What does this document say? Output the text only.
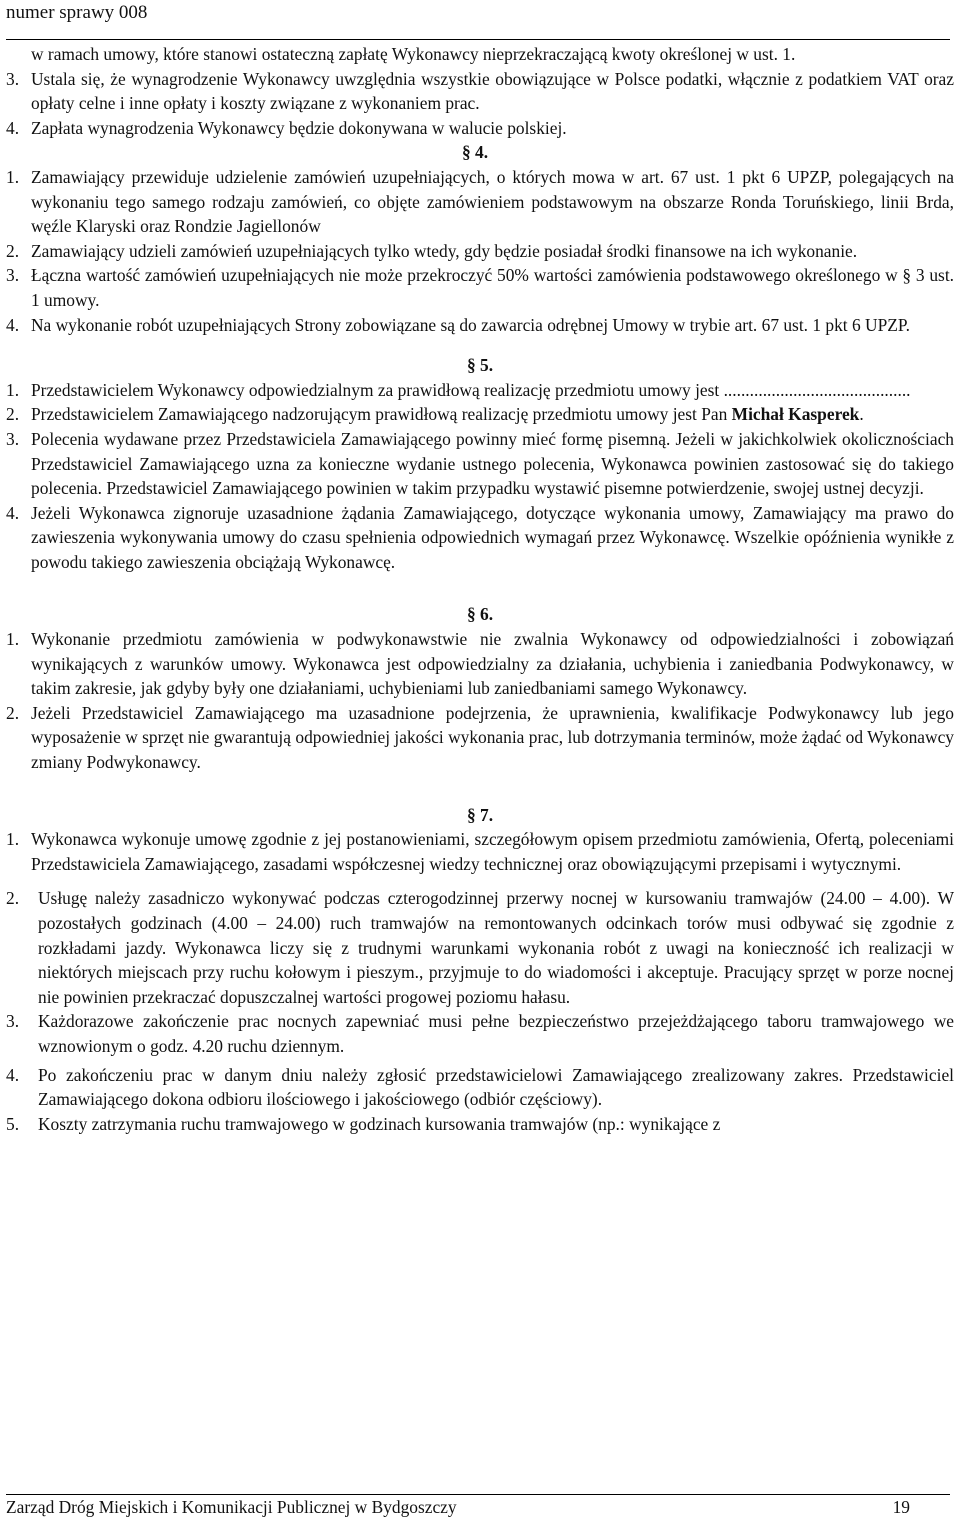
numer sprawy 008
w ramach umowy, które stanowi ostateczną zapłatę Wykonawcy nieprzekraczającą kwoty określonej w ust. 1.
3. Ustala się, że wynagrodzenie Wykonawcy uwzględnia wszystkie obowiązujące w Polsce podatki, włącznie z podatkiem VAT oraz opłaty celne i inne opłaty i koszty związane z wykonaniem prac.
4. Zapłata wynagrodzenia Wykonawcy będzie dokonywana w walucie polskiej.
§ 4.
1. Zamawiający przewiduje udzielenie zamówień uzupełniających, o których mowa w art. 67 ust. 1 pkt 6 UPZP, polegających na wykonaniu tego samego rodzaju zamówień, co objęte zamówieniem podstawowym na obszarze Ronda Toruńskiego, linii Brda, węźle Klaryski oraz Rondzie Jagiellonów
2. Zamawiający udzieli zamówień uzupełniających tylko wtedy, gdy będzie posiadał środki finansowe na ich wykonanie.
3. Łączna wartość zamówień uzupełniających nie może przekroczyć 50% wartości zamówienia podstawowego określonego w § 3 ust. 1 umowy.
4. Na wykonanie robót uzupełniających Strony zobowiązane są do zawarcia odrębnej Umowy w trybie art. 67 ust. 1 pkt 6 UPZP.
§ 5.
1. Przedstawicielem Wykonawcy odpowiedzialnym za prawidłową realizację przedmiotu umowy jest ...........................................
2. Przedstawicielem Zamawiającego nadzorującym prawidłową realizację przedmiotu umowy jest Pan Michał Kasperek.
3. Polecenia wydawane przez Przedstawiciela Zamawiającego powinny mieć formę pisemną. Jeżeli w jakichkolwiek okolicznościach Przedstawiciel Zamawiającego uzna za konieczne wydanie ustnego polecenia, Wykonawca powinien zastosować się do takiego polecenia. Przedstawiciel Zamawiającego powinien w takim przypadku wystawić pisemne potwierdzenie, swojej ustnej decyzji.
4. Jeżeli Wykonawca zignoruje uzasadnione żądania Zamawiającego, dotyczące wykonania umowy, Zamawiający ma prawo do zawieszenia wykonywania umowy do czasu spełnienia odpowiednich wymagań przez Wykonawcę. Wszelkie opóźnienia wynikłe z powodu takiego zawieszenia obciążają Wykonawcę.
§ 6.
1. Wykonanie przedmiotu zamówienia w podwykonawstwie nie zwalnia Wykonawcy od odpowiedzialności i zobowiązań wynikających z warunków umowy. Wykonawca jest odpowiedzialny za działania, uchybienia i zaniedbania Podwykonawcy, w takim zakresie, jak gdyby były one działaniami, uchybieniami lub zaniedbaniami samego Wykonawcy.
2. Jeżeli Przedstawiciel Zamawiającego ma uzasadnione podejrzenia, że uprawnienia, kwalifikacje Podwykonawcy lub jego wyposażenie w sprzęt nie gwarantują odpowiedniej jakości wykonania prac, lub dotrzymania terminów, może żądać od Wykonawcy zmiany Podwykonawcy.
§ 7.
1. Wykonawca wykonuje umowę zgodnie z jej postanowieniami, szczegółowym opisem przedmiotu zamówienia, Ofertą, poleceniami Przedstawiciela Zamawiającego, zasadami współczesnej wiedzy technicznej oraz obowiązującymi przepisami i wytycznymi.
2. Usługę należy zasadniczo wykonywać podczas czterogodzinnej przerwy nocnej w kursowaniu tramwajów (24.00 – 4.00). W pozostałych godzinach (4.00 – 24.00) ruch tramwajów na remontowanych odcinkach torów musi odbywać się zgodnie z rozkładami jazdy. Wykonawca liczy się z trudnymi warunkami wykonania robót z uwagi na konieczność ich realizacji w niektórych miejscach przy ruchu kołowym i pieszym., przyjmuje to do wiadomości i akceptuje. Pracujący sprzęt w porze nocnej nie powinien przekraczać dopuszczalnej wartości progowej poziomu hałasu.
3. Każdorazowe zakończenie prac nocnych zapewniać musi pełne bezpieczeństwo przejeżdżającego taboru tramwajowego we wznowionym o godz. 4.20 ruchu dziennym.
4. Po zakończeniu prac w danym dniu należy zgłosić przedstawicielowi Zamawiającego zrealizowany zakres. Przedstawiciel Zamawiającego dokona odbioru ilościowego i jakościowego (odbiór częściowy).
5. Koszty zatrzymania ruchu tramwajowego w godzinach kursowania tramwajów (np.: wynikające z
Zarząd Dróg Miejskich i Komunikacji Publicznej w Bydgoszczy	19
